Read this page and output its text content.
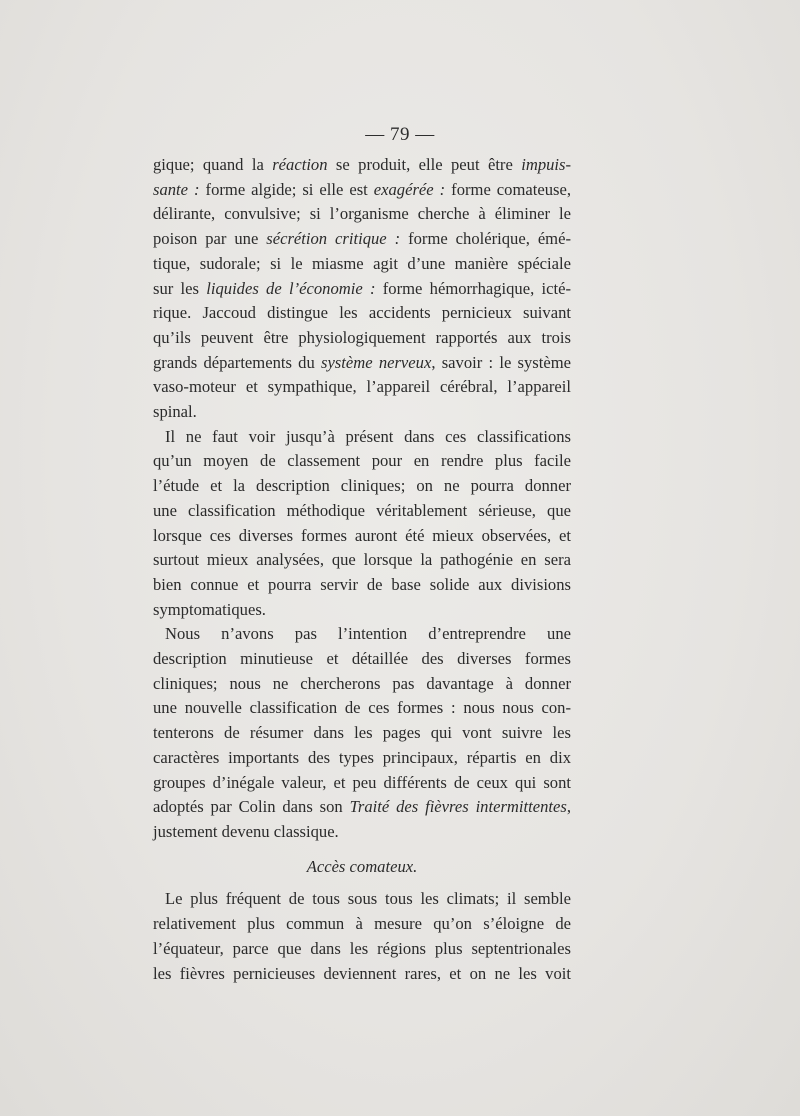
— 79 —
gique; quand la réaction se produit, elle peut être impuis-
sante : forme algide; si elle est exagérée : forme comateuse,
délirante, convulsive; si l’organisme cherche à éliminer le
poison par une sécrétion critique : forme cholérique, émé-
tique, sudorale; si le miasme agit d’une manière spéciale
sur les liquides de l’économie : forme hémorrhagique, icté-
rique. Jaccoud distingue les accidents pernicieux suivant
qu’ils peuvent être physiologiquement rapportés aux trois
grands départements du système nerveux, savoir : le système
vaso-moteur et sympathique, l’appareil cérébral, l’appareil
spinal.
Il ne faut voir jusqu’à présent dans ces classifications
qu’un moyen de classement pour en rendre plus facile
l’étude et la description cliniques; on ne pourra donner
une classification méthodique véritablement sérieuse, que
lorsque ces diverses formes auront été mieux observées, et
surtout mieux analysées, que lorsque la pathogénie en sera
bien connue et pourra servir de base solide aux divisions
symptomatiques.
Nous n’avons pas l’intention d’entreprendre une
description minutieuse et détaillée des diverses formes
cliniques; nous ne chercherons pas davantage à donner
une nouvelle classification de ces formes : nous nous con-
tenterons de résumer dans les pages qui vont suivre les
caractères importants des types principaux, répartis en dix
groupes d’inégale valeur, et peu différents de ceux qui sont
adoptés par Colin dans son Traité des fièvres intermittentes,
justement devenu classique.
Accès comateux.
Le plus fréquent de tous sous tous les climats; il semble
relativement plus commun à mesure qu’on s’éloigne de
l’équateur, parce que dans les régions plus septentrionales
les fièvres pernicieuses deviennent rares, et on ne les voit
